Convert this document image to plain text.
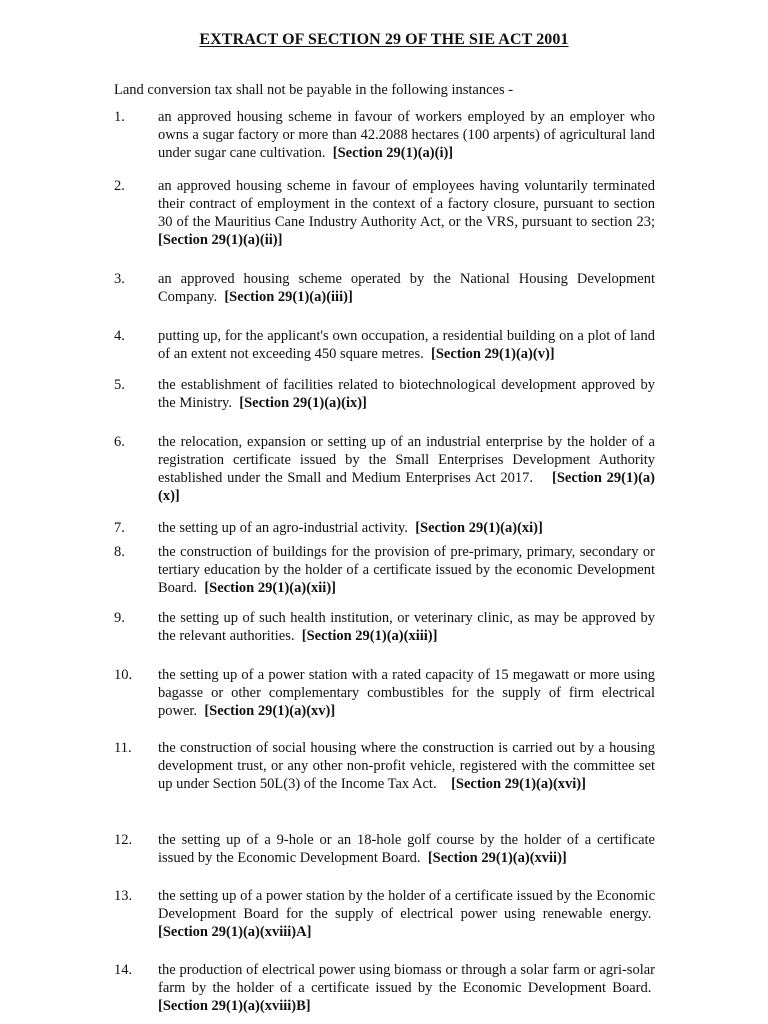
EXTRACT OF SECTION 29 OF THE SIE ACT 2001
Land conversion tax shall not be payable in the following instances -
1. an approved housing scheme in favour of workers employed by an employer who owns a sugar factory or more than 42.2088 hectares (100 arpents) of agricultural land under sugar cane cultivation. [Section 29(1)(a)(i)]
2. an approved housing scheme in favour of employees having voluntarily terminated their contract of employment in the context of a factory closure, pursuant to section 30 of the Mauritius Cane Industry Authority Act, or the VRS, pursuant to section 23; [Section 29(1)(a)(ii)]
3. an approved housing scheme operated by the National Housing Development Company. [Section 29(1)(a)(iii)]
4. putting up, for the applicant's own occupation, a residential building on a plot of land of an extent not exceeding 450 square metres. [Section 29(1)(a)(v)]
5. the establishment of facilities related to biotechnological development approved by the Ministry. [Section 29(1)(a)(ix)]
6. the relocation, expansion or setting up of an industrial enterprise by the holder of a registration certificate issued by the Small Enterprises Development Authority established under the Small and Medium Enterprises Act 2017. [Section 29(1)(a)(x)]
7. the setting up of an agro-industrial activity. [Section 29(1)(a)(xi)]
8. the construction of buildings for the provision of pre-primary, primary, secondary or tertiary education by the holder of a certificate issued by the economic Development Board. [Section 29(1)(a)(xii)]
9. the setting up of such health institution, or veterinary clinic, as may be approved by the relevant authorities. [Section 29(1)(a)(xiii)]
10. the setting up of a power station with a rated capacity of 15 megawatt or more using bagasse or other complementary combustibles for the supply of firm electrical power. [Section 29(1)(a)(xv)]
11. the construction of social housing where the construction is carried out by a housing development trust, or any other non-profit vehicle, registered with the committee set up under Section 50L(3) of the Income Tax Act. [Section 29(1)(a)(xvi)]
12. the setting up of a 9-hole or an 18-hole golf course by the holder of a certificate issued by the Economic Development Board. [Section 29(1)(a)(xvii)]
13. the setting up of a power station by the holder of a certificate issued by the Economic Development Board for the supply of electrical power using renewable energy.  [Section 29(1)(a)(xviii)A]
14. the production of electrical power using biomass or through a solar farm or agri-solar farm by the holder of a certificate issued by the Economic Development Board.  [Section 29(1)(a)(xviii)B]
